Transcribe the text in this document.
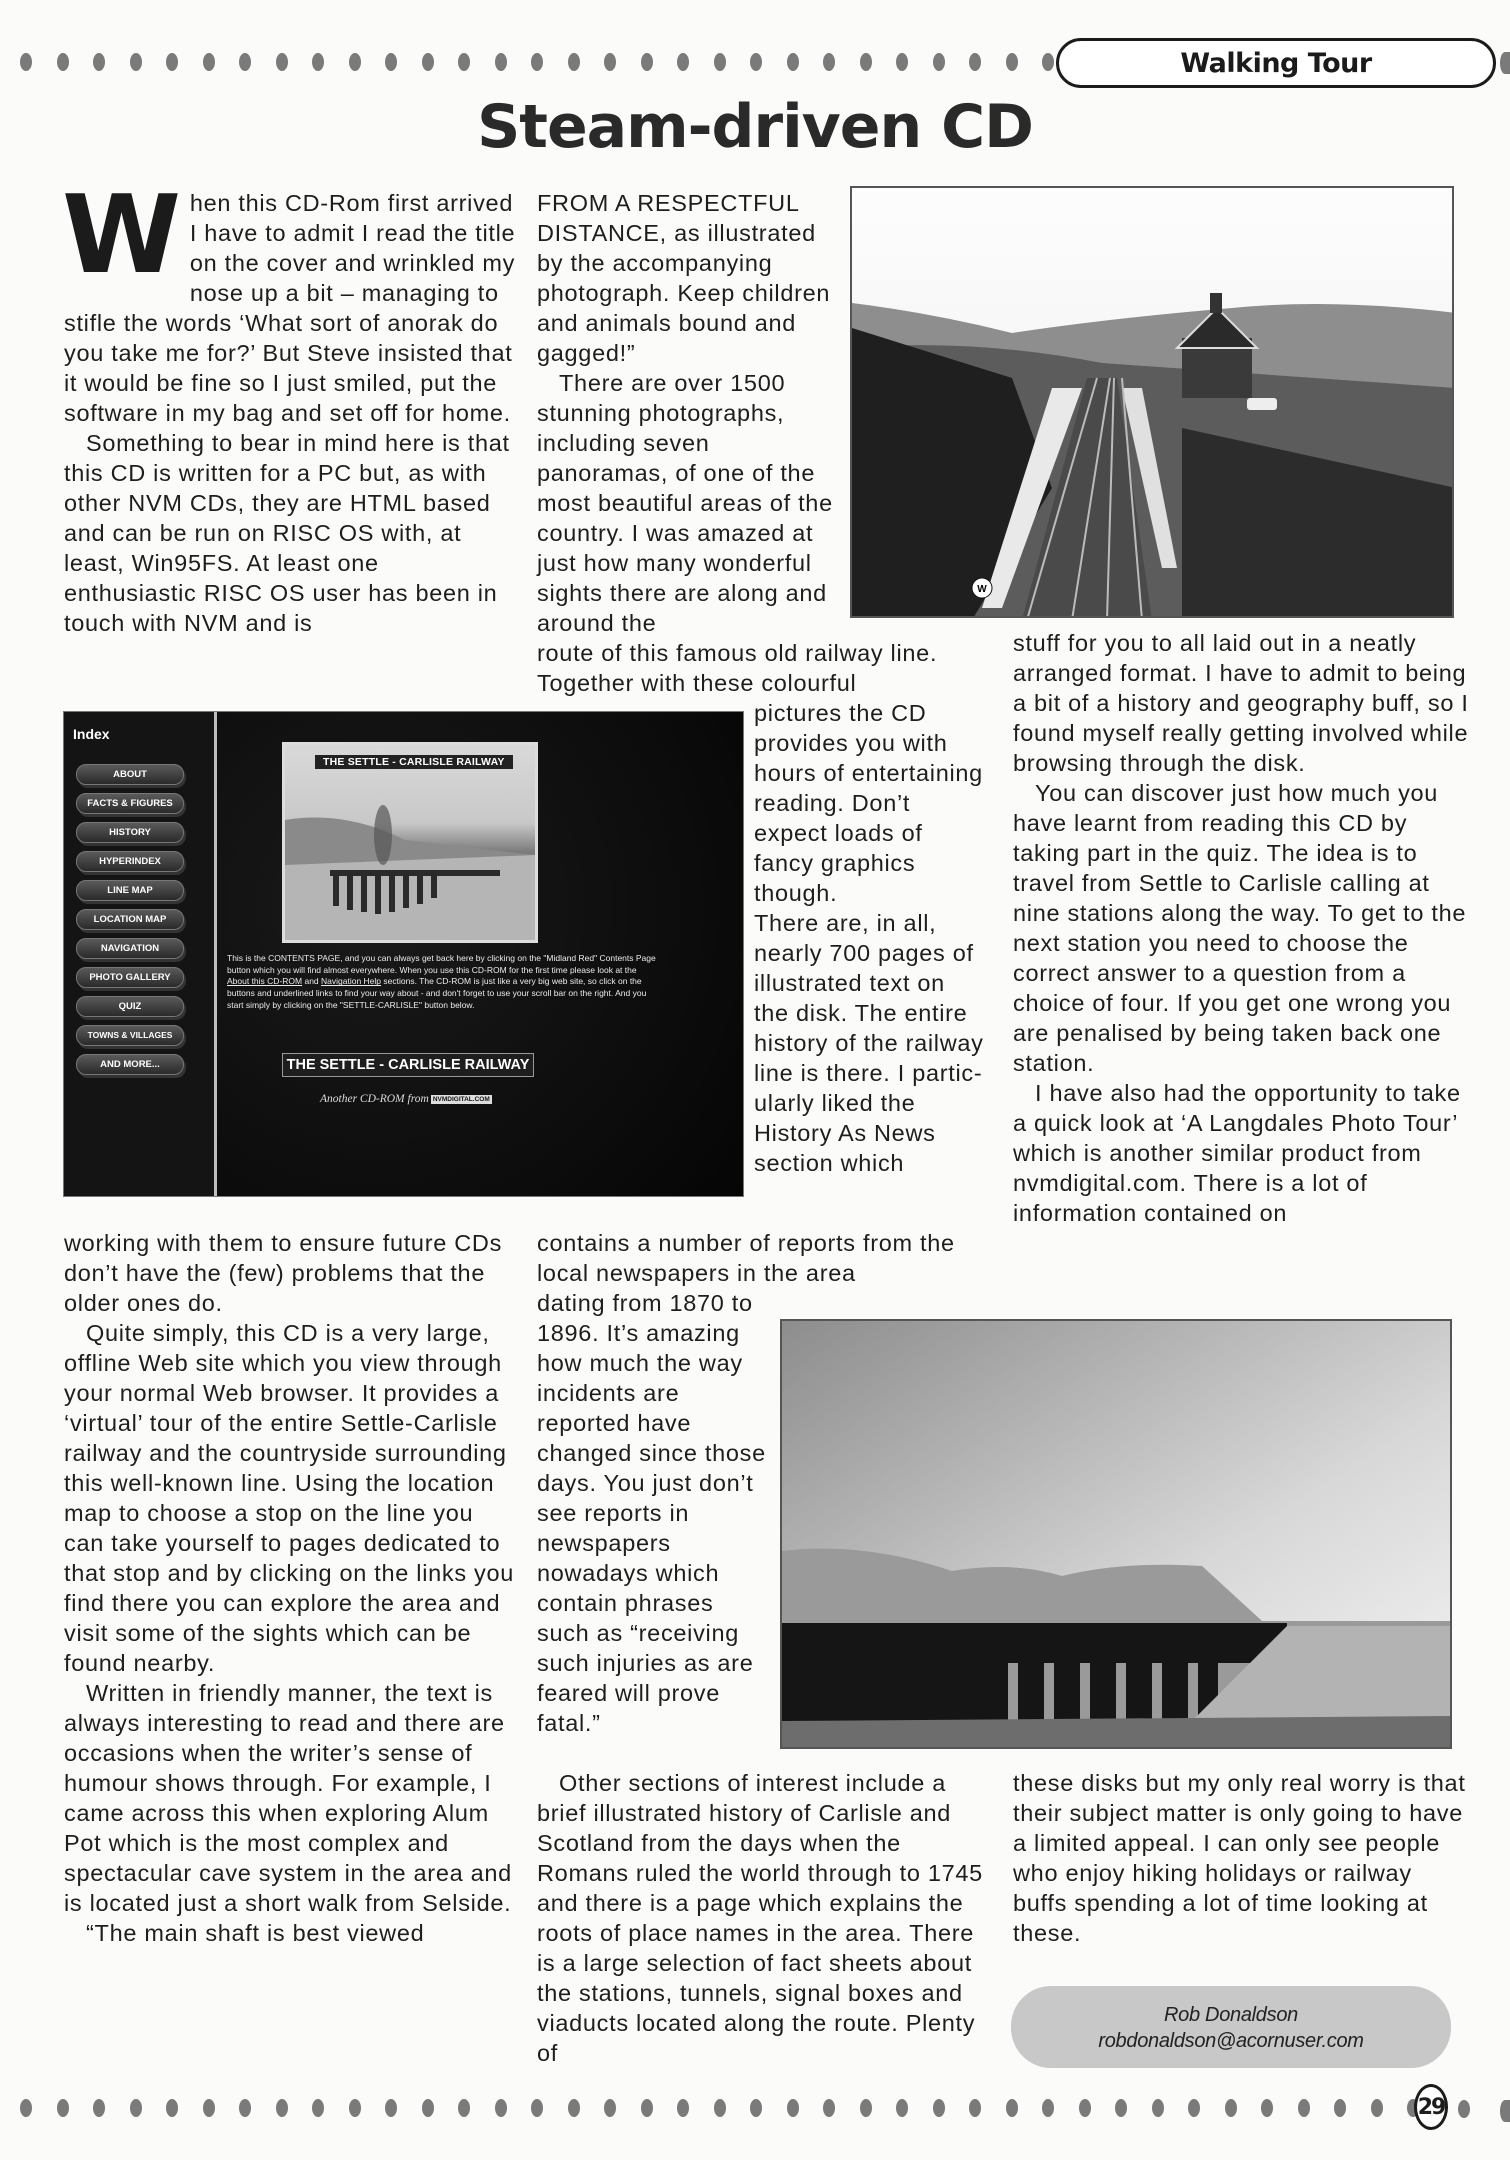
Walking Tour
Steam-driven CD
W hen this CD-Rom first arrived I have to admit I read the title on the cover and wrinkled my nose up a bit – managing to stifle the words ‘What sort of anorak do you take me for?’ But Steve insisted that it would be fine so I just smiled, put the software in my bag and set off for home.

Something to bear in mind here is that this CD is written for a PC but, as with other NVM CDs, they are HTML based and can be run on RISC OS with, at least, Win95FS. At least one enthusiastic RISC OS user has been in touch with NVM and is

Index
ABOUT
FACTS & FIGURES
HISTORY
HYPERINDEX
LINE MAP
LOCATION MAP
NAVIGATION
PHOTO GALLERY
QUIZ
TOWNS & VILLAGES
AND MORE...
THE SETTLE - CARLISLE RAILWAY
This is the CONTENTS PAGE, and you can always get back here by clicking on the "Midland Red" Contents Page button which you will find almost everywhere. When you use this CD-ROM for the first time please look at the About this CD-ROM and Navigation Help sections. The CD-ROM is just like a very big web site, so click on the buttons and underlined links to find your way about - and don't forget to use your scroll bar on the right. And you start simply by clicking on the "SETTLE-CARLISLE" button below.
THE SETTLE - CARLISLE RAILWAY
Another CD-ROM from NVMDIGITAL.COM

working with them to ensure future CDs don’t have the (few) problems that the older ones do.

Quite simply, this CD is a very large, offline Web site which you view through your normal Web browser. It provides a ‘virtual’ tour of the entire Settle-Carlisle railway and the countryside surrounding this well-known line. Using the location map to choose a stop on the line you can take yourself to pages dedicated to that stop and by clicking on the links you find there you can explore the area and visit some of the sights which can be found nearby.

Written in friendly manner, the text is always interesting to read and there are occasions when the writer’s sense of humour shows through. For example, I came across this when exploring Alum Pot which is the most complex and spectacular cave system in the area and is located just a short walk from Selside.

“The main shaft is best viewed

FROM A RESPECTFUL DISTANCE, as illustrated by the accompanying photograph. Keep children and animals bound and gagged!”

There are over 1500 stunning photographs, including seven panoramas, of one of the most beautiful areas of the country. I was amazed at just how many wonderful sights there are along and around the

route of this famous old railway line.

Together with these colourful

pictures the CD provides you with hours of entertaining reading. Don’t expect loads of fancy graphics though.

There are, in all, nearly 700 pages of illustrated text on the disk. The entire history of the railway line is there. I partic-ularly liked the History As News section which

contains a number of reports from the local newspapers in the area

dating from 1870 to 1896. It’s amazing how much the way incidents are reported have changed since those days. You just don’t see reports in newspapers nowadays which contain phrases such as “receiving such injuries as are feared will prove fatal.”

Other sections of interest include a brief illustrated history of Carlisle and Scotland from the days when the Romans ruled the world through to 1745 and there is a page which explains the roots of place names in the area. There is a large selection of fact sheets about the stations, tunnels, signal boxes and viaducts located along the route. Plenty of

W

stuff for you to all laid out in a neatly arranged format. I have to admit to being a bit of a history and geography buff, so I found myself really getting involved while browsing through the disk.

You can discover just how much you have learnt from reading this CD by taking part in the quiz. The idea is to travel from Settle to Carlisle calling at nine stations along the way. To get to the next station you need to choose the correct answer to a question from a choice of four. If you get one wrong you are penalised by being taken back one station.

I have also had the opportunity to take a quick look at ‘A Langdales Photo Tour’ which is another similar product from nvmdigital.com. There is a lot of information contained on

these disks but my only real worry is that their subject matter is only going to have a limited appeal. I can only see people who enjoy hiking holidays or railway buffs spending a lot of time looking at these.

Rob Donaldson
robdonaldson@acornuser.com
29
